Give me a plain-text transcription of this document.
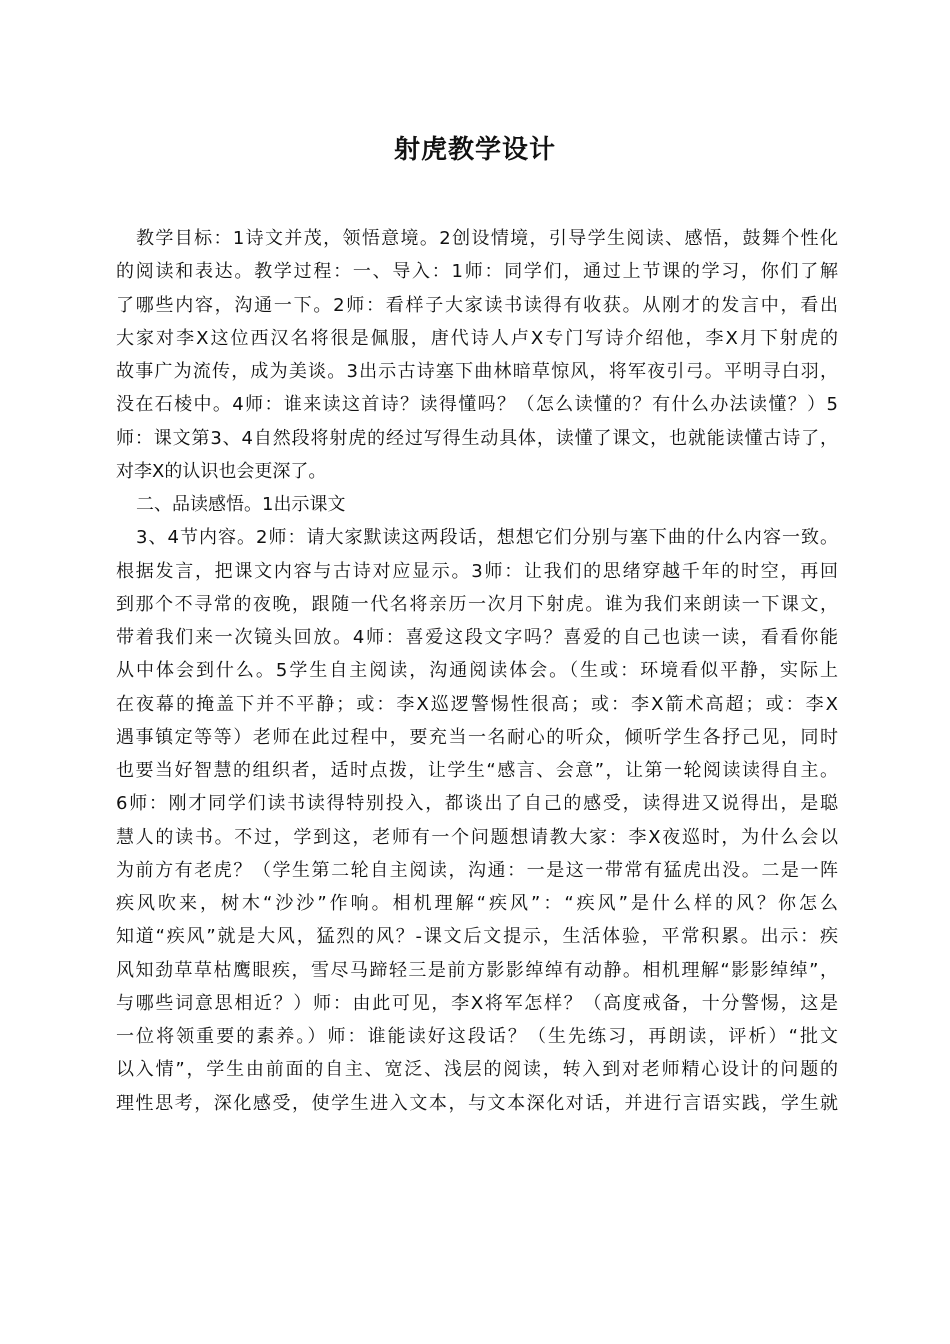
射虎教学设计
教学目标：1诗文并茂，领悟意境。2创设情境，引导学生阅读、感悟，鼓舞个性化
的阅读和表达。教学过程：一、导入：1师：同学们，通过上节课的学习，你们了解
了哪些内容，沟通一下。2师：看样子大家读书读得有收获。从刚才的发言中，看出
大家对李X这位西汉名将很是佩服，唐代诗人卢X专门写诗介绍他，李X月下射虎的
故事广为流传，成为美谈。3出示古诗塞下曲林暗草惊风，将军夜引弓。平明寻白羽，
没在石棱中。4师：谁来读这首诗？读得懂吗？（怎么读懂的？有什么办法读懂？）5
师：课文第3、4自然段将射虎的经过写得生动具体，读懂了课文，也就能读懂古诗了，
对李X的认识也会更深了。
二、品读感悟。1出示课文
3、4节内容。2师：请大家默读这两段话，想想它们分别与塞下曲的什么内容一致。
根据发言，把课文内容与古诗对应显示。3师：让我们的思绪穿越千年的时空，再回
到那个不寻常的夜晚，跟随一代名将亲历一次月下射虎。谁为我们来朗读一下课文，
带着我们来一次镜头回放。4师：喜爱这段文字吗？喜爱的自己也读一读，看看你能
从中体会到什么。5学生自主阅读，沟通阅读体会。（生或：环境看似平静，实际上
在夜幕的掩盖下并不平静；或：李X巡逻警惕性很高；或：李X箭术高超；或：李X
遇事镇定等等）老师在此过程中，要充当一名耐心的听众，倾听学生各抒己见，同时
也要当好智慧的组织者，适时点拨，让学生“感言、会意”，让第一轮阅读读得自主。
6师：刚才同学们读书读得特别投入，都谈出了自己的感受，读得进又说得出，是聪
慧人的读书。不过，学到这，老师有一个问题想请教大家：李X夜巡时，为什么会以
为前方有老虎？（学生第二轮自主阅读，沟通：一是这一带常有猛虎出没。二是一阵
疾风吹来，树木“沙沙”作响。相机理解“疾风”：“疾风”是什么样的风？你怎么
知道“疾风”就是大风，猛烈的风？-课文后文提示，生活体验，平常积累。出示：疾
风知劲草草枯鹰眼疾，雪尽马蹄轻三是前方影影绰绰有动静。相机理解“影影绰绰”，
与哪些词意思相近？）师：由此可见，李X将军怎样？（高度戒备，十分警惕，这是
一位将领重要的素养。）师：谁能读好这段话？（生先练习，再朗读，评析）“批文
以入情”，学生由前面的自主、宽泛、浅层的阅读，转入到对老师精心设计的问题的
理性思考，深化感受，使学生进入文本，与文本深化对话，并进行言语实践，学生就
